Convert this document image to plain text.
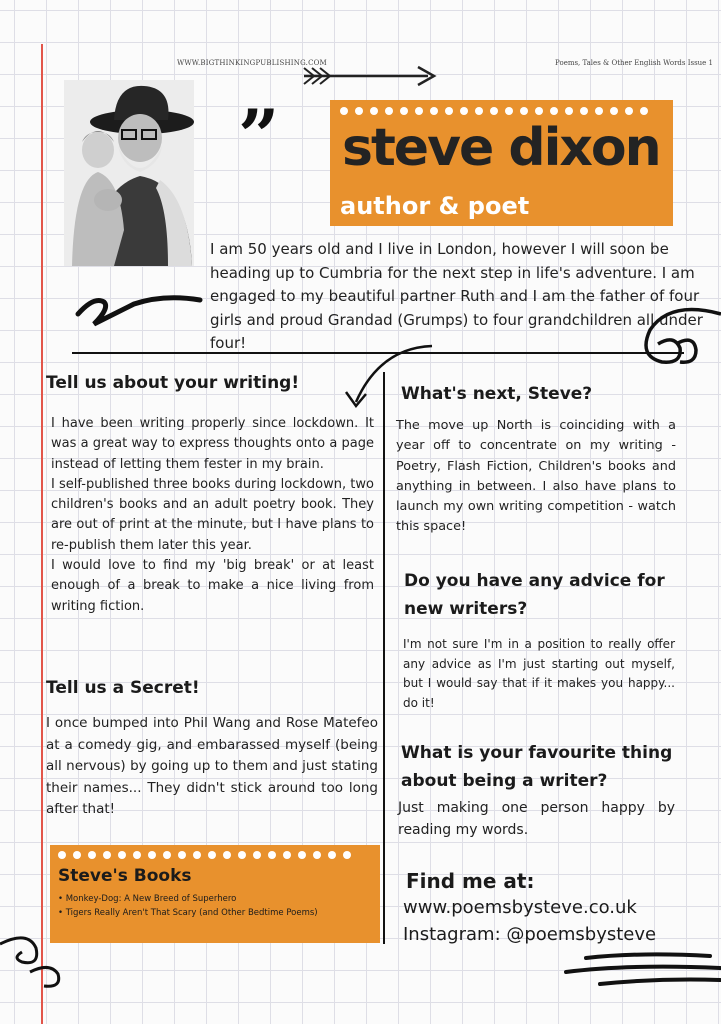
WWW.BIGTHINKINGPUBLISHING.COM	Poems, Tales & Other English Words Issue 1
” steve dixon
author & poet
I am 50 years old and I live in London, however I will soon be heading up to Cumbria for the next step in life's adventure. I am engaged to my beautiful partner Ruth and I am the father of four girls and proud Grandad (Grumps) to four grandchildren all under four!
Tell us about your writing!

I have been writing properly since lockdown. It was a great way to express thoughts onto a page instead of letting them fester in my brain.

I self-published three books during lockdown, two children's books and an adult poetry book. They are out of print at the minute, but I have plans to re-publish them later this year.

I would love to find my 'big break' or at least enough of a break to make a nice living from writing fiction.

Tell us a Secret!
I once bumped into Phil Wang and Rose Matefeo at a comedy gig, and embarassed myself (being all nervous) by going up to them and just stating their names... They didn't stick around too long after that!
Steve's Books
• Monkey-Dog: A New Breed of Superhero
• Tigers Really Aren't That Scary (and Other Bedtime Poems)
What's next, Steve?
The move up North is coinciding with a year off to concentrate on my writing - Poetry, Flash Fiction, Children's books and anything in between. I also have plans to launch my own writing competition - watch this space!
Do you have any advice for
new writers?
I'm not sure I'm in a position to really offer any advice as I'm just starting out myself, but I would say that if it makes you happy... do it!
What is your favourite thing
about being a writer?
Just making one person happy by reading my words.
Find me at:
www.poemsbysteve.co.uk
Instagram: @poemsbysteve
